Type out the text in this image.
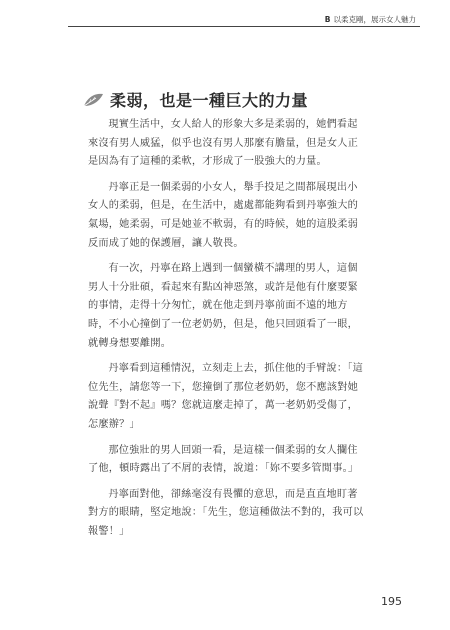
𝗕 以柔克剛，展示女人魅力
柔弱，也是一種巨大的力量

現實生活中，女人給人的形象大多是柔弱的，她們看起來沒有男人威猛，似乎也沒有男人那麼有膽量，但是女人正是因為有了這種的柔軟，才形成了一股強大的力量。

丹寧正是一個柔弱的小女人，舉手投足之間都展現出小女人的柔弱，但是，在生活中，處處都能夠看到丹寧強大的氣場，她柔弱，可是她並不軟弱，有的時候，她的這股柔弱反而成了她的保護層，讓人敬畏。

有一次，丹寧在路上遇到一個蠻橫不講理的男人，這個男人十分壯碩，看起來有點凶神惡煞，或許是他有什麼要緊的事情，走得十分匆忙，就在他走到丹寧前面不遠的地方時，不小心撞倒了一位老奶奶，但是，他只回頭看了一眼，就轉身想要離開。

丹寧看到這種情況，立刻走上去，抓住他的手臂說：「這位先生，請您等一下，您撞倒了那位老奶奶，您不應該對她說聲『對不起』嗎？您就這麼走掉了，萬一老奶奶受傷了，怎麼辦？」

那位強壯的男人回頭一看，是這樣一個柔弱的女人攔住了他，頓時露出了不屑的表情，說道：「妳不要多管閒事。」

丹寧面對他，卻絲毫沒有畏懼的意思，而是直直地盯著對方的眼睛，堅定地說：「先生，您這種做法不對的，我可以報警！」

195
